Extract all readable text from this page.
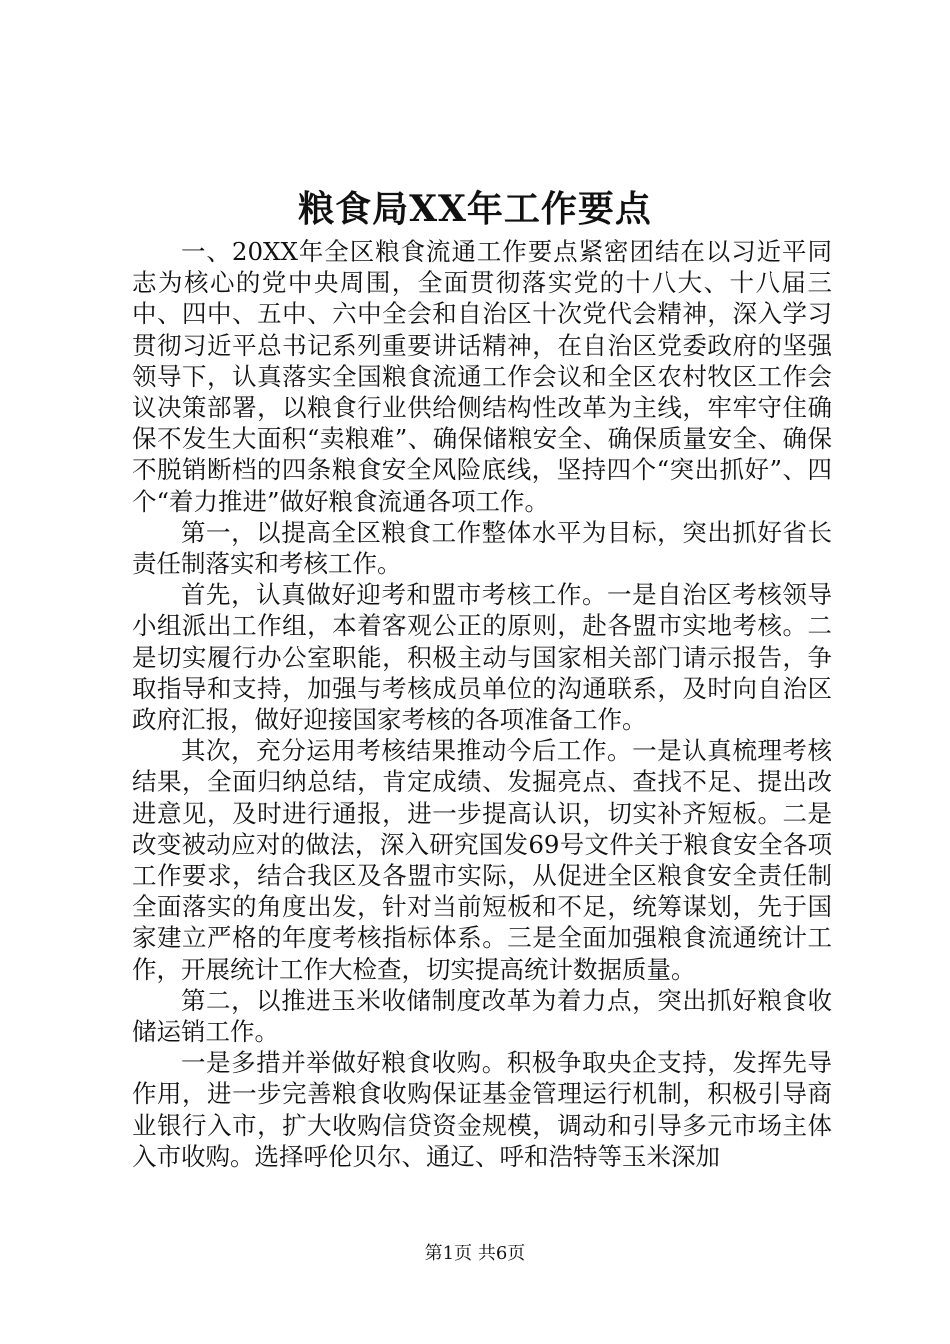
粮食局XX年工作要点

一、20XX年全区粮食流通工作要点紧密团结在以习近平同志为核心的党中央周围，全面贯彻落实党的十八大、十八届三中、四中、五中、六中全会和自治区十次党代会精神，深入学习贯彻习近平总书记系列重要讲话精神，在自治区党委政府的坚强领导下，认真落实全国粮食流通工作会议和全区农村牧区工作会议决策部署，以粮食行业供给侧结构性改革为主线，牢牢守住确保不发生大面积“卖粮难”、确保储粮安全、确保质量安全、确保不脱销断档的四条粮食安全风险底线，坚持四个“突出抓好”、四个“着力推进”做好粮食流通各项工作。

第一，以提高全区粮食工作整体水平为目标，突出抓好省长责任制落实和考核工作。

首先，认真做好迎考和盟市考核工作。一是自治区考核领导小组派出工作组，本着客观公正的原则，赴各盟市实地考核。二是切实履行办公室职能，积极主动与国家相关部门请示报告，争取指导和支持，加强与考核成员单位的沟通联系，及时向自治区政府汇报，做好迎接国家考核的各项准备工作。

其次，充分运用考核结果推动今后工作。一是认真梳理考核结果，全面归纳总结，肯定成绩、发掘亮点、查找不足、提出改进意见，及时进行通报，进一步提高认识，切实补齐短板。二是改变被动应对的做法，深入研究国发69号文件关于粮食安全各项工作要求，结合我区及各盟市实际，从促进全区粮食安全责任制全面落实的角度出发，针对当前短板和不足，统筹谋划，先于国家建立严格的年度考核指标体系。三是全面加强粮食流通统计工作，开展统计工作大检查，切实提高统计数据质量。

第二，以推进玉米收储制度改革为着力点，突出抓好粮食收储运销工作。

一是多措并举做好粮食收购。积极争取央企支持，发挥先导作用，进一步完善粮食收购保证基金管理运行机制，积极引导商业银行入市，扩大收购信贷资金规模，调动和引导多元市场主体入市收购。选择呼伦贝尔、通辽、呼和浩特等玉米深加

第1页 共6页
